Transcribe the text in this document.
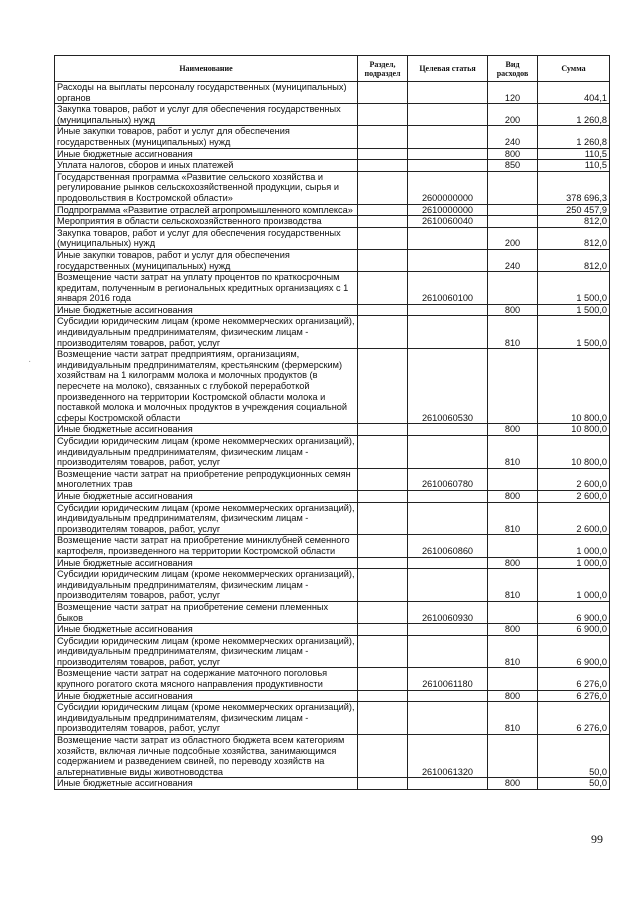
Наименование	Раздел, подраздел	Целевая статья	Вид расходов	Сумма
Расходы на выплаты персоналу государственных (муниципальных) органов			120	404,1
Закупка товаров, работ и услуг для обеспечения государственных (муниципальных) нужд			200	1 260,8
Иные закупки товаров, работ и услуг для обеспечения государственных (муниципальных) нужд			240	1 260,8
Иные бюджетные ассигнования			800	110,5
Уплата налогов, сборов и иных платежей			850	110,5
Государственная программа «Развитие сельского хозяйства и регулирование рынков сельскохозяйственной продукции, сырья и продовольствия в Костромской области»		2600000000		378 696,3
Подпрограмма «Развитие отраслей агропромышленного комплекса»		2610000000		250 457,9
Мероприятия в области сельскохозяйственного производства		2610060040		812,0
Закупка товаров, работ и услуг для обеспечения государственных (муниципальных) нужд			200	812,0
Иные закупки товаров, работ и услуг для обеспечения государственных (муниципальных) нужд			240	812,0
Возмещение части затрат на уплату процентов по краткосрочным кредитам, полученным в региональных кредитных организациях с 1 января 2016 года		2610060100		1 500,0
Иные бюджетные ассигнования			800	1 500,0
Субсидии юридическим лицам (кроме некоммерческих организаций), индивидуальным предпринимателям, физическим лицам - производителям товаров, работ, услуг			810	1 500,0
Возмещение части затрат предприятиям, организациям, индивидуальным предпринимателям, крестьянским (фермерским) хозяйствам на 1 килограмм молока и молочных продуктов (в пересчете на молоко), связанных с глубокой переработкой произведенного на территории Костромской области молока и поставкой молока и молочных продуктов в учреждения социальной сферы Костромской области		2610060530		10 800,0
Иные бюджетные ассигнования			800	10 800,0
Субсидии юридическим лицам (кроме некоммерческих организаций), индивидуальным предпринимателям, физическим лицам - производителям товаров, работ, услуг			810	10 800,0
Возмещение части затрат на приобретение репродукционных семян многолетних трав		2610060780		2 600,0
Иные бюджетные ассигнования			800	2 600,0
Субсидии юридическим лицам (кроме некоммерческих организаций), индивидуальным предпринимателям, физическим лицам - производителям товаров, работ, услуг			810	2 600,0
Возмещение части затрат на приобретение миниклубней семенного картофеля, произведенного на территории Костромской области		2610060860		1 000,0
Иные бюджетные ассигнования			800	1 000,0
Субсидии юридическим лицам (кроме некоммерческих организаций), индивидуальным предпринимателям, физическим лицам - производителям товаров, работ, услуг			810	1 000,0
Возмещение части затрат на приобретение семени племенных быков		2610060930		6 900,0
Иные бюджетные ассигнования			800	6 900,0
Субсидии юридическим лицам (кроме некоммерческих организаций), индивидуальным предпринимателям, физическим лицам - производителям товаров, работ, услуг			810	6 900,0
Возмещение части затрат на содержание маточного поголовья крупного рогатого скота мясного направления продуктивности		2610061180		6 276,0
Иные бюджетные ассигнования			800	6 276,0
Субсидии юридическим лицам (кроме некоммерческих организаций), индивидуальным предпринимателям, физическим лицам - производителям товаров, работ, услуг			810	6 276,0
Возмещение части затрат из областного бюджета всем категориям хозяйств, включая личные подсобные хозяйства, занимающимся содержанием и разведением свиней, по переводу хозяйств на альтернативные виды животноводства		2610061320		50,0
Иные бюджетные ассигнования			800	50,0
99
·
